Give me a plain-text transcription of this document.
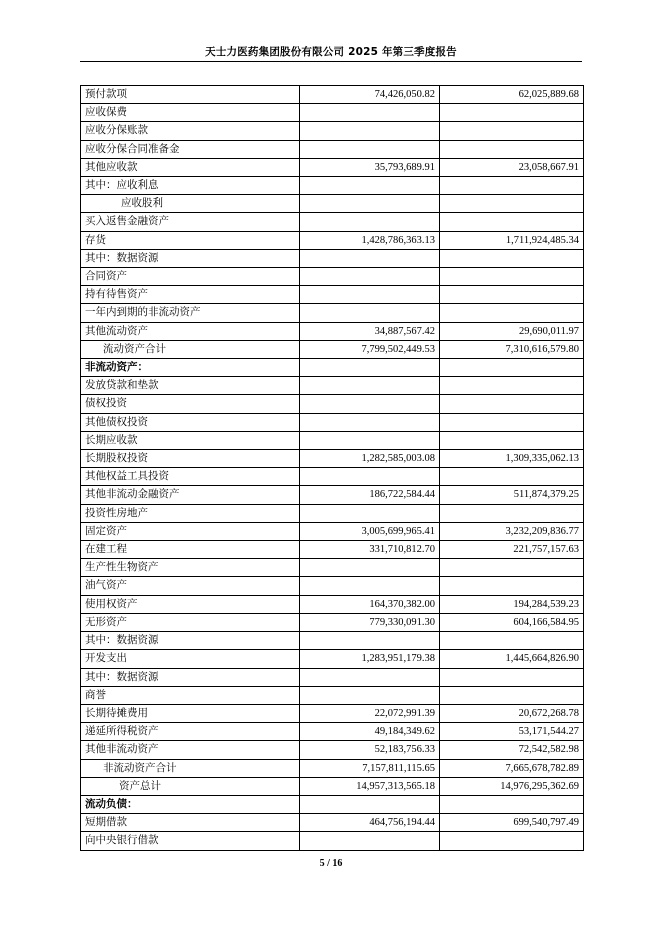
天士力医药集团股份有限公司 2025 年第三季度报告
预付款项	74,426,050.82	62,025,889.68
应收保费		
应收分保账款		
应收分保合同准备金		
其他应收款	35,793,689.91	23,058,667.91
其中：应收利息		
应收股利		
买入返售金融资产		
存货	1,428,786,363.13	1,711,924,485.34
其中：数据资源		
合同资产		
持有待售资产		
一年内到期的非流动资产		
其他流动资产	34,887,567.42	29,690,011.97
流动资产合计	7,799,502,449.53	7,310,616,579.80
非流动资产：		
发放贷款和垫款		
债权投资		
其他债权投资		
长期应收款		
长期股权投资	1,282,585,003.08	1,309,335,062.13
其他权益工具投资		
其他非流动金融资产	186,722,584.44	511,874,379.25
投资性房地产		
固定资产	3,005,699,965.41	3,232,209,836.77
在建工程	331,710,812.70	221,757,157.63
生产性生物资产		
油气资产		
使用权资产	164,370,382.00	194,284,539.23
无形资产	779,330,091.30	604,166,584.95
其中：数据资源		
开发支出	1,283,951,179.38	1,445,664,826.90
其中：数据资源		
商誉		
长期待摊费用	22,072,991.39	20,672,268.78
递延所得税资产	49,184,349.62	53,171,544.27
其他非流动资产	52,183,756.33	72,542,582.98
非流动资产合计	7,157,811,115.65	7,665,678,782.89
资产总计	14,957,313,565.18	14,976,295,362.69
流动负债：		
短期借款	464,756,194.44	699,540,797.49
向中央银行借款		
5 / 16
